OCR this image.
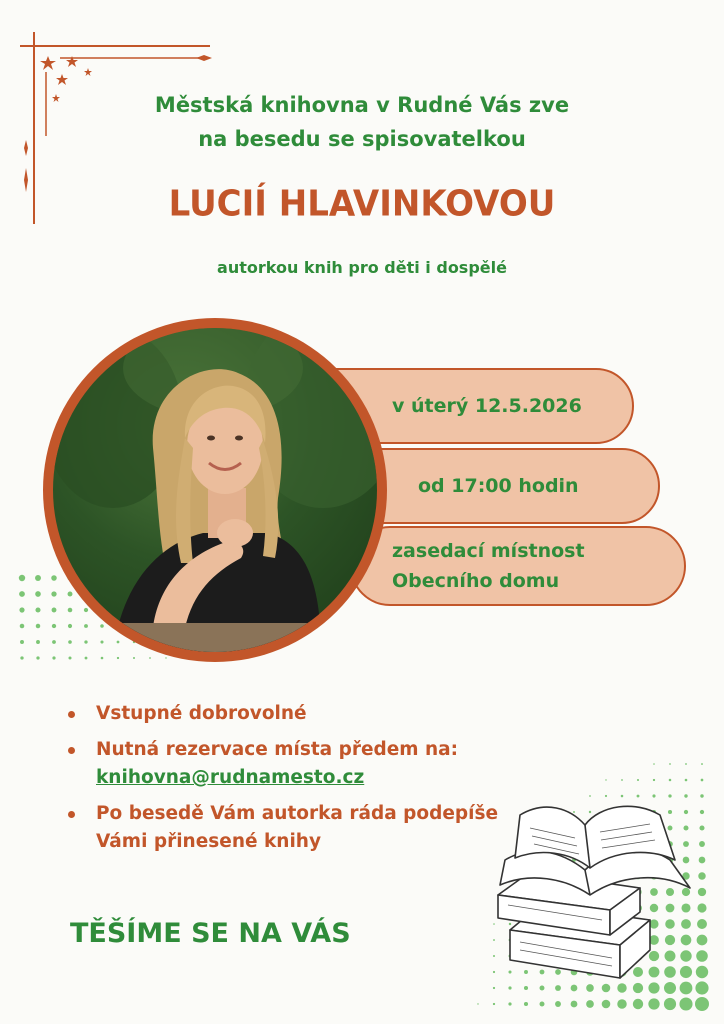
Městská knihovna v Rudné Vás zve
na besedu se spisovatelkou
LUCIÍ HLAVINKOVOU
autorkou knih pro děti i dospělé
v úterý 12.5.2026
od 17:00 hodin
zasedací místnost
Obecního domu
Vstupné dobrovolné
Nutná rezervace místa předem na:
knihovna@rudnamesto.cz
Po besedě Vám autorka ráda podepíše Vámi přinesené knihy
TĚŠÍME SE NA VÁS
